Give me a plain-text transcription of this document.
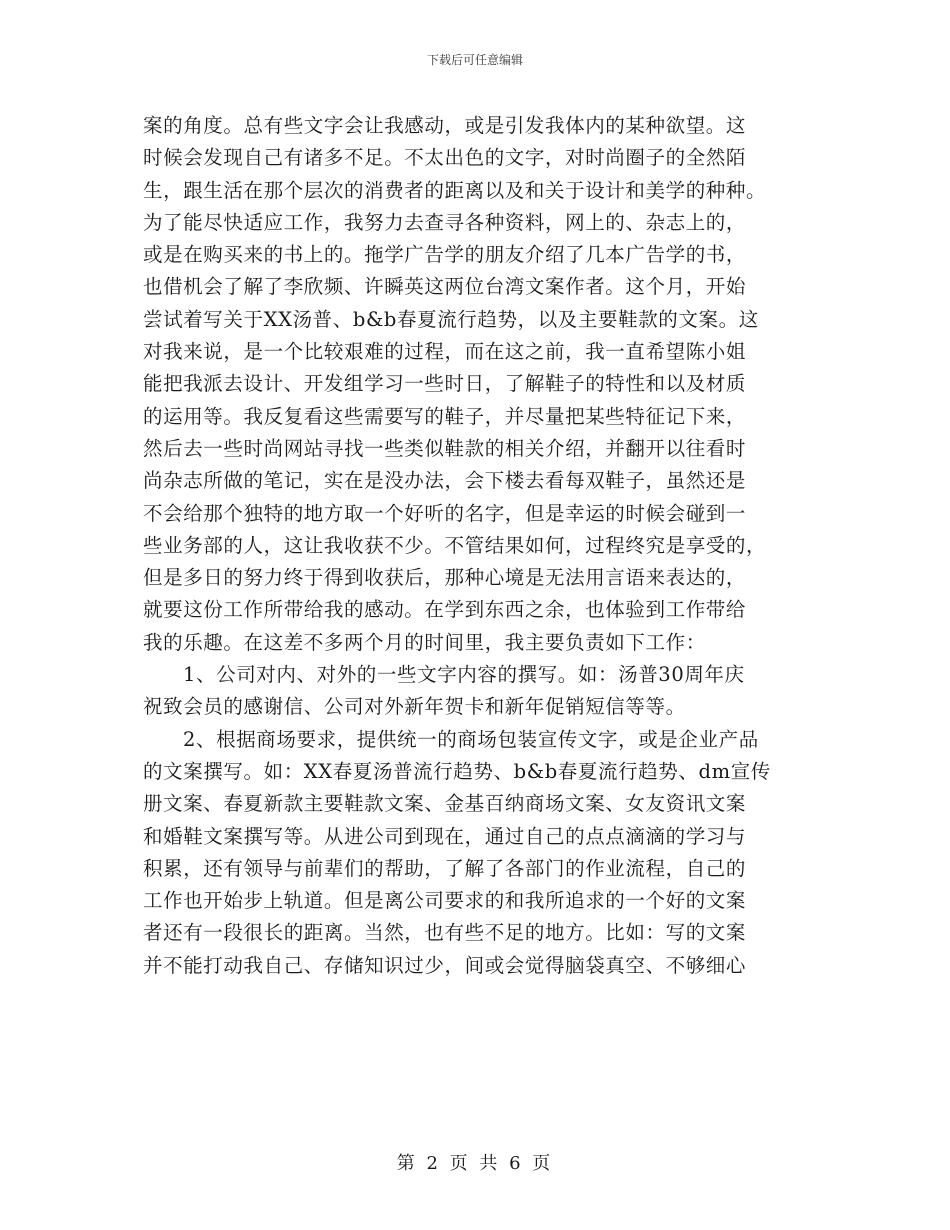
下载后可任意编辑
案的角度。总有些文字会让我感动，或是引发我体内的某种欲望。这
时候会发现自己有诸多不足。不太出色的文字，对时尚圈子的全然陌
生，跟生活在那个层次的消费者的距离以及和关于设计和美学的种种。
为了能尽快适应工作，我努力去查寻各种资料，网上的、杂志上的，
或是在购买来的书上的。拖学广告学的朋友介绍了几本广告学的书，
也借机会了解了李欣频、许瞬英这两位台湾文案作者。这个月，开始
尝试着写关于XX汤普、b&b春夏流行趋势，以及主要鞋款的文案。这
对我来说，是一个比较艰难的过程，而在这之前，我一直希望陈小姐
能把我派去设计、开发组学习一些时日，了解鞋子的特性和以及材质
的运用等。我反复看这些需要写的鞋子，并尽量把某些特征记下来，
然后去一些时尚网站寻找一些类似鞋款的相关介绍，并翻开以往看时
尚杂志所做的笔记，实在是没办法，会下楼去看每双鞋子，虽然还是
不会给那个独特的地方取一个好听的名字，但是幸运的时候会碰到一
些业务部的人，这让我收获不少。不管结果如何，过程终究是享受的，
但是多日的努力终于得到收获后，那种心境是无法用言语来表达的，
就要这份工作所带给我的感动。在学到东西之余，也体验到工作带给
我的乐趣。在这差不多两个月的时间里，我主要负责如下工作：
1、公司对内、对外的一些文字内容的撰写。如：汤普30周年庆
祝致会员的感谢信、公司对外新年贺卡和新年促销短信等等。
2、根据商场要求，提供统一的商场包装宣传文字，或是企业产品
的文案撰写。如：XX春夏汤普流行趋势、b&b春夏流行趋势、dm宣传
册文案、春夏新款主要鞋款文案、金基百纳商场文案、女友资讯文案
和婚鞋文案撰写等。从进公司到现在，通过自己的点点滴滴的学习与
积累，还有领导与前辈们的帮助，了解了各部门的作业流程，自己的
工作也开始步上轨道。但是离公司要求的和我所追求的一个好的文案
者还有一段很长的距离。当然，也有些不足的地方。比如：写的文案
并不能打动我自己、存储知识过少，间或会觉得脑袋真空、不够细心
第 2 页 共 6 页
